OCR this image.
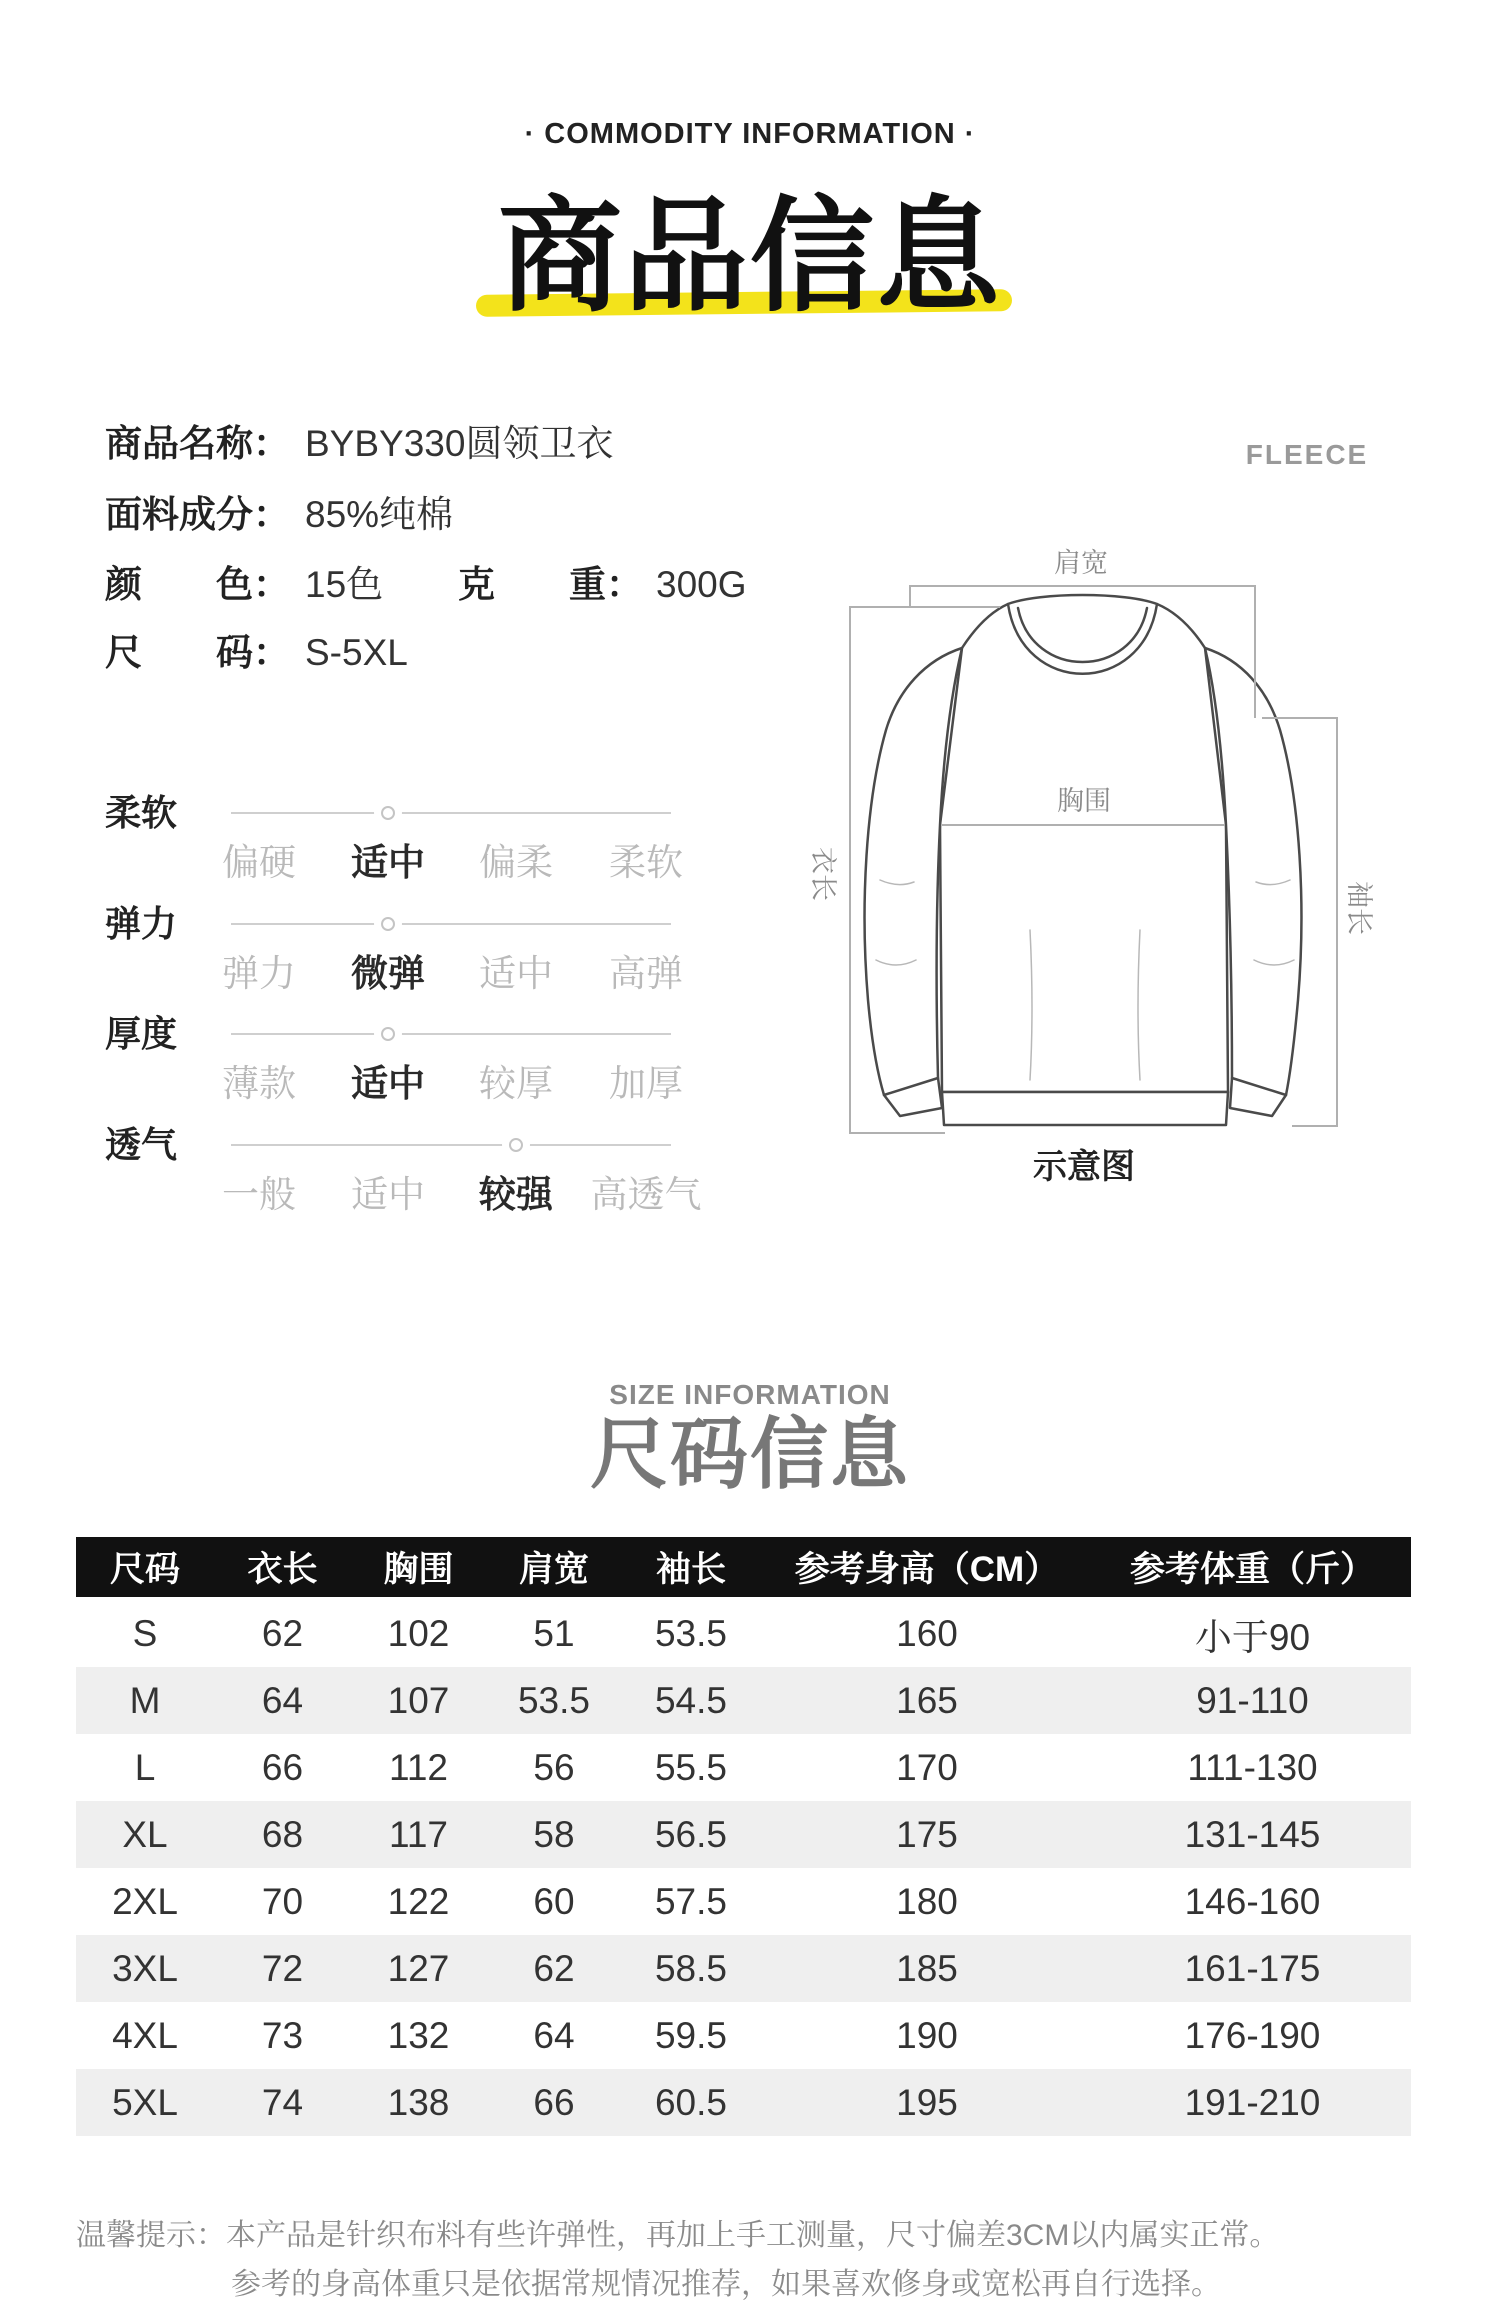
· COMMODITY INFORMATION ·
商品信息
商品名称： BYBY330圆领卫衣
面料成分： 85%纯棉
颜　　色： 15色 克　　重： 300G
尺　　码： S-5XL
FLEECE
肩宽
胸围
衣长
袖长
示意图
柔软
偏硬	适中	偏柔	柔软
弹力
弹力	微弹	适中	高弹
厚度
薄款	适中	较厚	加厚
透气
一般	适中	较强	高透气
SIZE INFORMATION
尺码信息
尺码	衣长	胸围	肩宽	袖长	参考身高（CM）	参考体重（斤）
S	62	102	51	53.5	160	小于90
M	64	107	53.5	54.5	165	91-110
L	66	112	56	55.5	170	111-130
XL	68	117	58	56.5	175	131-145
2XL	70	122	60	57.5	180	146-160
3XL	72	127	62	58.5	185	161-175
4XL	73	132	64	59.5	190	176-190
5XL	74	138	66	60.5	195	191-210
温馨提示：本产品是针织布料有些许弹性，再加上手工测量，尺寸偏差3CM以内属实正常。
参考的身高体重只是依据常规情况推荐，如果喜欢修身或宽松再自行选择。
